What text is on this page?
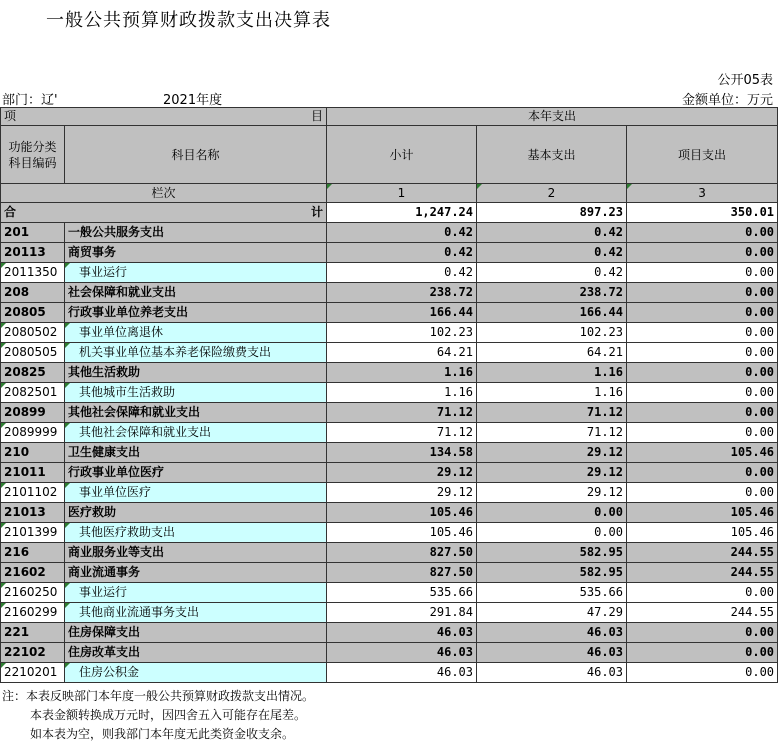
一般公共预算财政拨款支出决算表
公开05表
部门：辽'	2021年度	金额单位：万元
项 目		本年支出		
功能分类
科目编码	科目名称	小计	基本支出	项目支出
栏次		1	2	3

合 计		1,247.24	897.23	350.01
201	一般公共服务支出	0.42	0.42	0.00
20113	商贸事务	0.42	0.42	0.00
2011350	事业运行	0.42	0.42	0.00
208	社会保障和就业支出	238.72	238.72	0.00
20805	行政事业单位养老支出	166.44	166.44	0.00
2080502	事业单位离退休	102.23	102.23	0.00
2080505	机关事业单位基本养老保险缴费支出	64.21	64.21	0.00
20825	其他生活救助	1.16	1.16	0.00
2082501	其他城市生活救助	1.16	1.16	0.00
20899	其他社会保障和就业支出	71.12	71.12	0.00
2089999	其他社会保障和就业支出	71.12	71.12	0.00
210	卫生健康支出	134.58	29.12	105.46
21011	行政事业单位医疗	29.12	29.12	0.00
2101102	事业单位医疗	29.12	29.12	0.00
21013	医疗救助	105.46	0.00	105.46
2101399	其他医疗救助支出	105.46	0.00	105.46
216	商业服务业等支出	827.50	582.95	244.55
21602	商业流通事务	827.50	582.95	244.55
2160250	事业运行	535.66	535.66	0.00
2160299	其他商业流通事务支出	291.84	47.29	244.55
221	住房保障支出	46.03	46.03	0.00
22102	住房改革支出	46.03	46.03	0.00
2210201	住房公积金	46.03	46.03	0.00
注：本表反映部门本年度一般公共预算财政拨款支出情况。
本表金额转换成万元时，因四舍五入可能存在尾差。
如本表为空，则我部门本年度无此类资金收支余。
